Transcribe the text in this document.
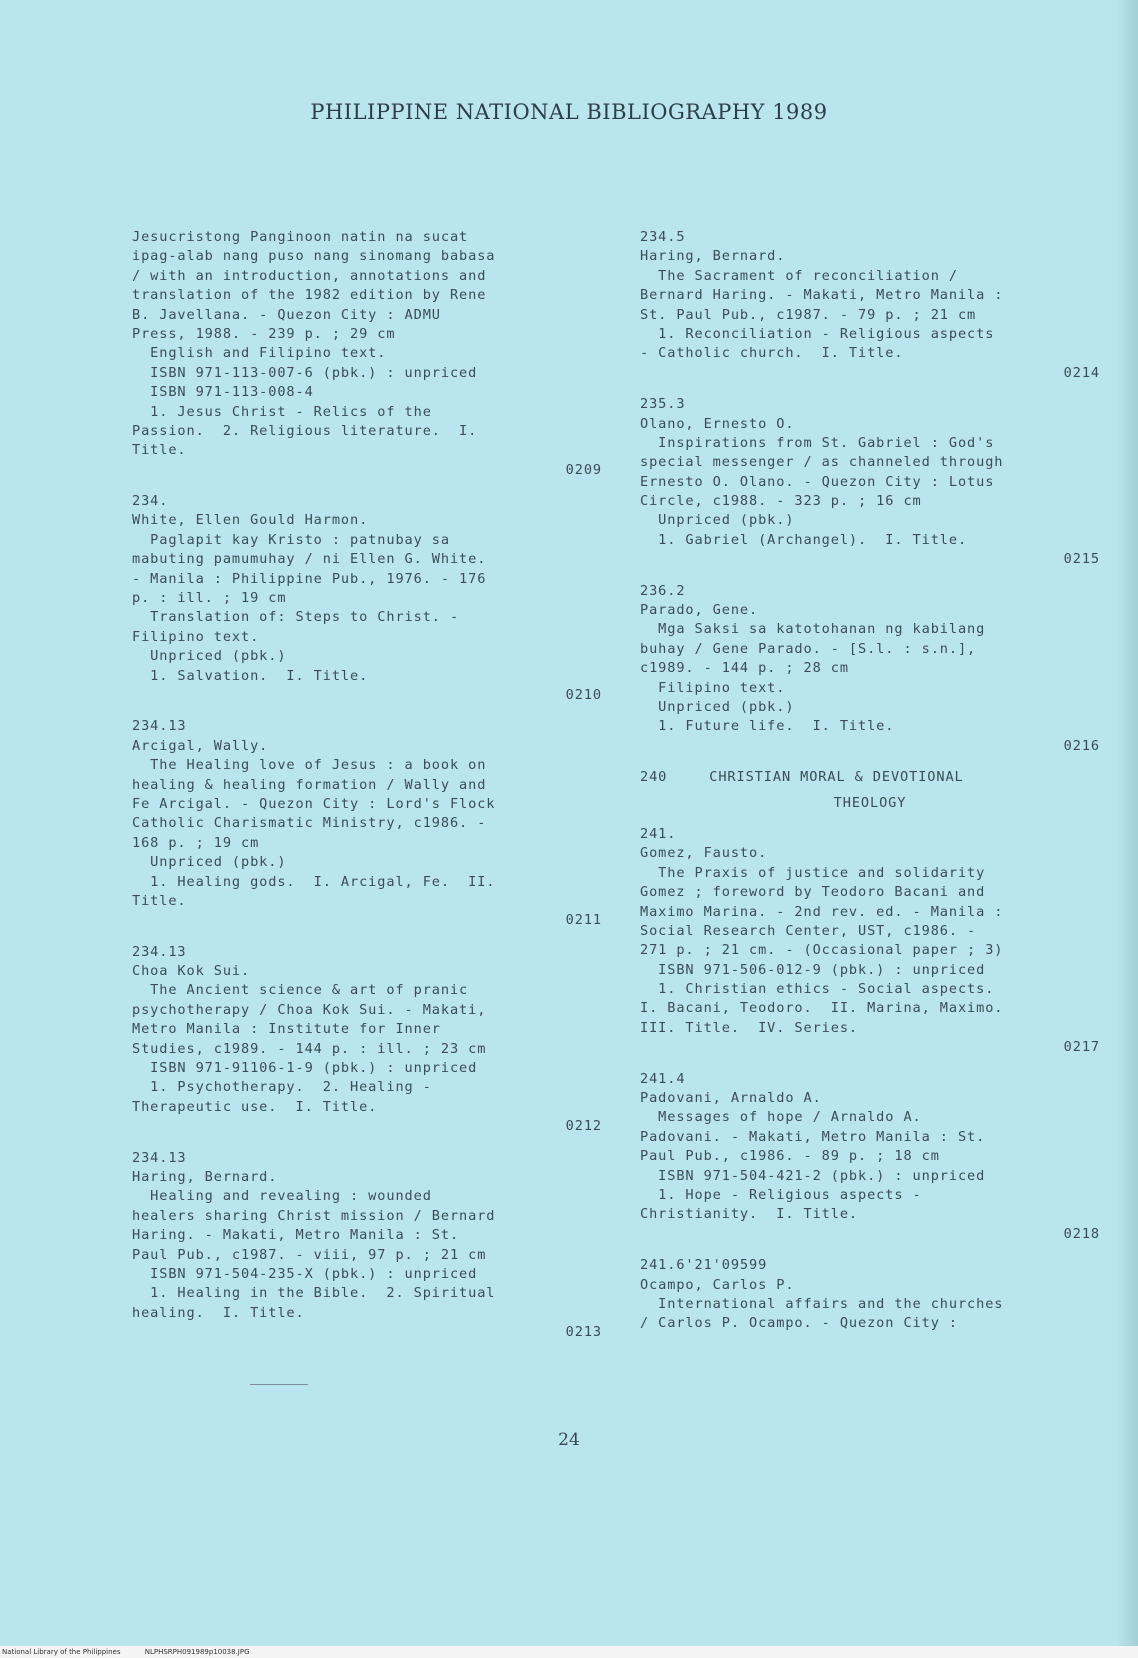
PHILIPPINE NATIONAL BIBLIOGRAPHY 1989
Jesucristong Panginoon natin na sucat
ipag-alab nang puso nang sinomang babasa
/ with an introduction, annotations and
translation of the 1982 edition by Rene
B. Javellana. - Quezon City : ADMU
Press, 1988. - 239 p. ; 29 cm
English and Filipino text.
ISBN 971-113-007-6 (pbk.) : unpriced
ISBN 971-113-008-4
1. Jesus Christ - Relics of the
Passion.  2. Religious literature.  I.
Title.
0209
234.
White, Ellen Gould Harmon.
Paglapit kay Kristo : patnubay sa
mabuting pamumuhay / ni Ellen G. White.
- Manila : Philippine Pub., 1976. - 176
p. : ill. ; 19 cm
Translation of: Steps to Christ. -
Filipino text.
Unpriced (pbk.)
1. Salvation.  I. Title.
0210
234.13
Arcigal, Wally.
The Healing love of Jesus : a book on
healing & healing formation / Wally and
Fe Arcigal. - Quezon City : Lord's Flock
Catholic Charismatic Ministry, c1986. -
168 p. ; 19 cm
Unpriced (pbk.)
1. Healing gods.  I. Arcigal, Fe.  II.
Title.
0211
234.13
Choa Kok Sui.
The Ancient science & art of pranic
psychotherapy / Choa Kok Sui. - Makati,
Metro Manila : Institute for Inner
Studies, c1989. - 144 p. : ill. ; 23 cm
ISBN 971-91106-1-9 (pbk.) : unpriced
1. Psychotherapy.  2. Healing -
Therapeutic use.  I. Title.
0212
234.13
Haring, Bernard.
Healing and revealing : wounded
healers sharing Christ mission / Bernard
Haring. - Makati, Metro Manila : St.
Paul Pub., c1987. - viii, 97 p. ; 21 cm
ISBN 971-504-235-X (pbk.) : unpriced
1. Healing in the Bible.  2. Spiritual
healing.  I. Title.
0213
234.5
Haring, Bernard.
The Sacrament of reconciliation /
Bernard Haring. - Makati, Metro Manila :
St. Paul Pub., c1987. - 79 p. ; 21 cm
1. Reconciliation - Religious aspects
- Catholic church.  I. Title.
0214
235.3
Olano, Ernesto O.
Inspirations from St. Gabriel : God's
special messenger / as channeled through
Ernesto O. Olano. - Quezon City : Lotus
Circle, c1988. - 323 p. ; 16 cm
Unpriced (pbk.)
1. Gabriel (Archangel).  I. Title.
0215
236.2
Parado, Gene.
Mga Saksi sa katotohanan ng kabilang
buhay / Gene Parado. - [S.l. : s.n.],
c1989. - 144 p. ; 28 cm
Filipino text.
Unpriced (pbk.)
1. Future life.  I. Title.
0216
240	CHRISTIAN MORAL & DEVOTIONAL
THEOLOGY
241.
Gomez, Fausto.
The Praxis of justice and solidarity
Gomez ; foreword by Teodoro Bacani and
Maximo Marina. - 2nd rev. ed. - Manila :
Social Research Center, UST, c1986. -
271 p. ; 21 cm. - (Occasional paper ; 3)
ISBN 971-506-012-9 (pbk.) : unpriced
1. Christian ethics - Social aspects.
I. Bacani, Teodoro.  II. Marina, Maximo.
III. Title.  IV. Series.
0217
241.4
Padovani, Arnaldo A.
Messages of hope / Arnaldo A.
Padovani. - Makati, Metro Manila : St.
Paul Pub., c1986. - 89 p. ; 18 cm
ISBN 971-504-421-2 (pbk.) : unpriced
1. Hope - Religious aspects -
Christianity.  I. Title.
0218
241.6'21'09599
Ocampo, Carlos P.
International affairs and the churches
/ Carlos P. Ocampo. - Quezon City :
24
National Library of the Philippines	NLPHSRPH091989p10038.JPG
